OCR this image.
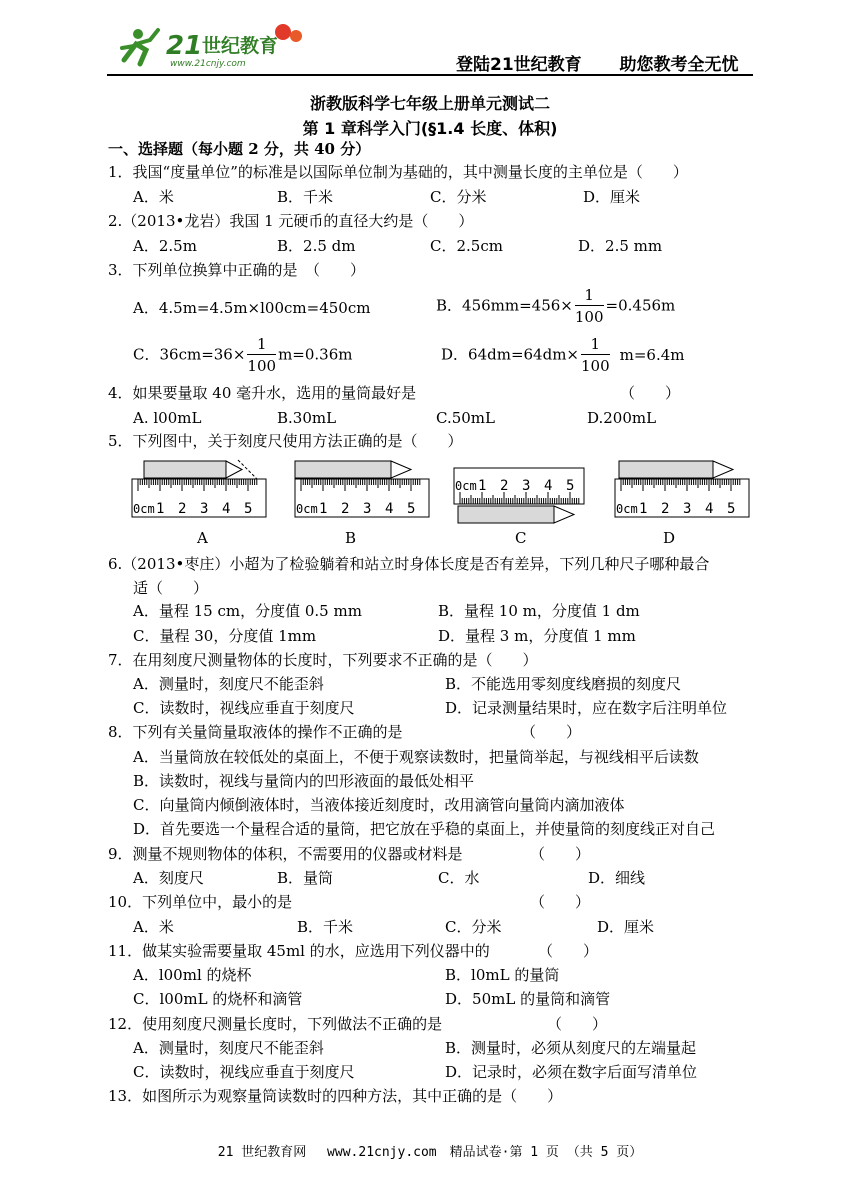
21 世纪教育
www.21cnjy.com	登陆21世纪教育 助您教考全无忧
浙教版科学七年级上册单元测试二
第 1 章科学入门(§1.4 长度、体积)
一、选择题（每小题 2 分，共 40 分）
1．我国“度量单位”的标准是以国际单位制为基础的，其中测量长度的主单位是（　　）
A．米	B．千米	C．分米	D．厘米
2.（2013•龙岩）我国 1 元硬币的直径大约是（　　）
A．2.5m	B．2.5 dm	C．2.5cm	D．2.5 mm
3．下列单位换算中正确的是　（　　）
A．4.5m=4.5m×l00cm=450cm	B．$456mm=456\times \frac{1}{100} =0.456m$
C．$36cm=36\times \frac{1}{100} m=0.36m$	D．$64dm=64dm\times \frac{1}{100} m=6.4m$
4．如果要量取 40 毫升水，选用的量筒最好是	（　　）
A. l00mL	B.30mL	C.50mL	D.200mL
5．下列图中，关于刻度尺使用方法正确的是（　　）
0cm 1 2 3 4 5	0cm 1 2 3 4 5
0cm 1 2 3 4 5
0cm 1 2 3 4 5
A	B	C	D
6.（2013•枣庄）小超为了检验躺着和站立时身体长度是否有差异，下列几种尺子哪种最合
适（　　）
A．量程 15 cm，分度值 0.5 mm	B．量程 10 m，分度值 1 dm
C．量程 30，分度值 1mm	D．量程 3 m，分度值 1 mm
7．在用刻度尺测量物体的长度时，下列要求不正确的是（　　）
A．测量时，刻度尺不能歪斜	B．不能选用零刻度线磨损的刻度尺
C．读数时，视线应垂直于刻度尺	D．记录测量结果时，应在数字后注明单位
8．下列有关量筒量取液体的操作不正确的是	（　　）
A．当量筒放在较低处的桌面上，不便于观察读数时，把量筒举起，与视线相平后读数
B．读数时，视线与量筒内的凹形液面的最低处相平
C．向量筒内倾倒液体时，当液体接近刻度时，改用滴管向量筒内滴加液体
D．首先要选一个量程合适的量筒，把它放在乎稳的桌面上，并使量筒的刻度线正对自己
9．测量不规则物体的体积，不需要用的仪器或材料是	（　　）
A．刻度尺	B．量筒	C．水	D．细线
10．下列单位中，最小的是	（　　）
A．米	B．千米	C．分米	D．厘米
11．做某实验需要量取 45ml 的水，应选用下列仪器中的	（　　）
A．l00ml 的烧杯	B．l0mL 的量筒
C．l00mL 的烧杯和滴管	D．50mL 的量筒和滴管
12．使用刻度尺测量长度时，下列做法不正确的是	（　　）
A．测量时，刻度尺不能歪斜	B．测量时，必须从刻度尺的左端量起
C．读数时，视线应垂直于刻度尺	D．记录时，必须在数字后面写清单位
13．如图所示为观察量筒读数时的四种方法，其中正确的是（　　）
21 世纪教育网　 www.21cnjy.com　精品试卷·第 1 页 （共 5 页）
